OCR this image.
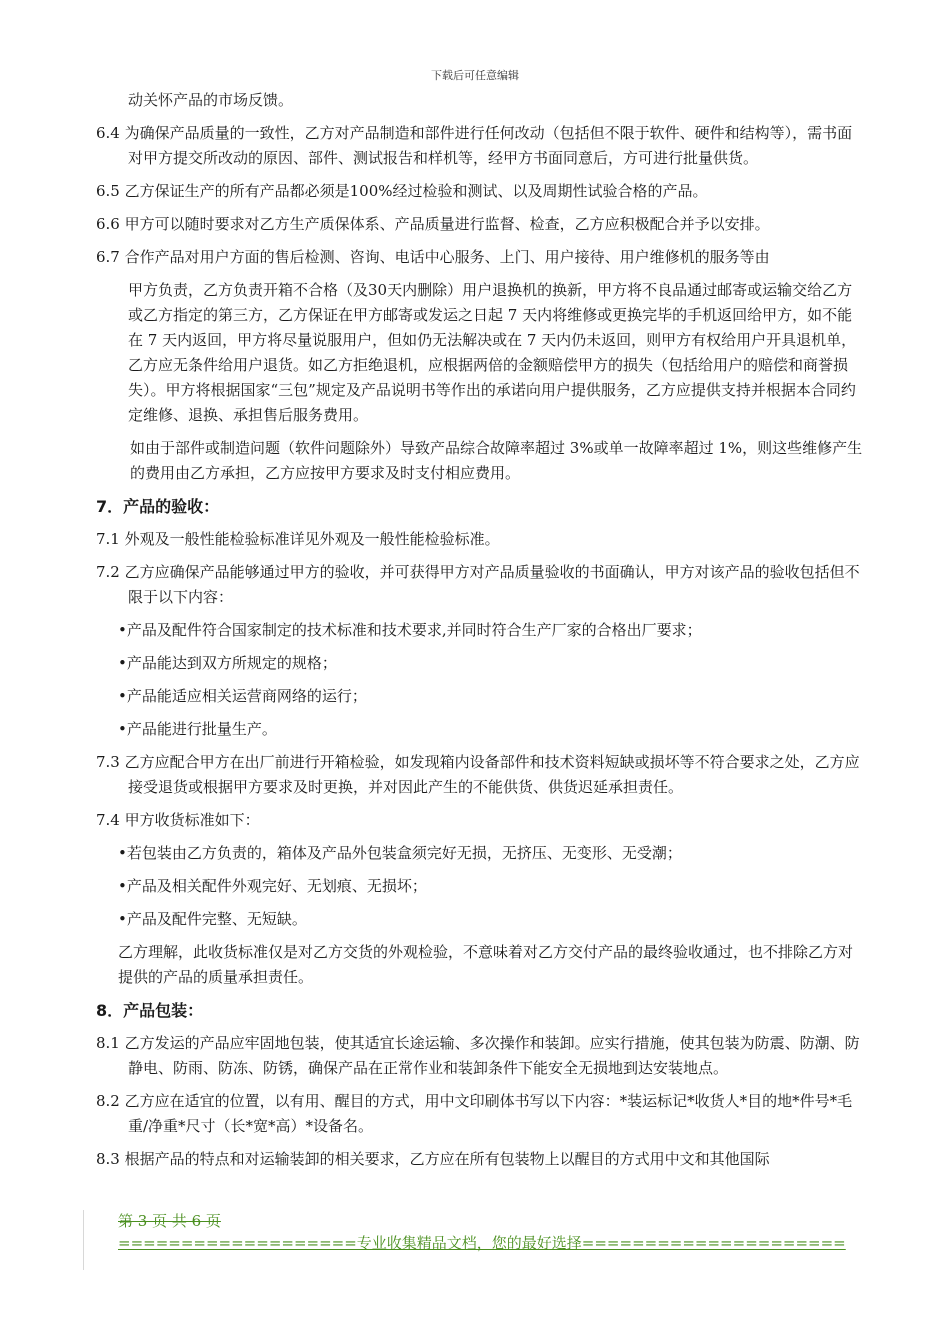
下载后可任意编辑
动关怀产品的市场反馈。
6.4 为确保产品质量的一致性，乙方对产品制造和部件进行任何改动（包括但不限于软件、硬件和结构等），需书面对甲方提交所改动的原因、部件、测试报告和样机等，经甲方书面同意后，方可进行批量供货。
6.5 乙方保证生产的所有产品都必须是100%经过检验和测试、以及周期性试验合格的产品。
6.6 甲方可以随时要求对乙方生产质保体系、产品质量进行监督、检查，乙方应积极配合并予以安排。
6.7 合作产品对用户方面的售后检测、咨询、电话中心服务、上门、用户接待、用户维修机的服务等由
甲方负责，乙方负责开箱不合格（及30天内删除）用户退换机的换新，甲方将不良品通过邮寄或运输交给乙方或乙方指定的第三方，乙方保证在甲方邮寄或发运之日起 7 天内将维修或更换完毕的手机返回给甲方，如不能在 7 天内返回，甲方将尽量说服用户，但如仍无法解决或在 7 天内仍未返回，则甲方有权给用户开具退机单，乙方应无条件给用户退货。如乙方拒绝退机，应根据两倍的金额赔偿甲方的损失（包括给用户的赔偿和商誉损失）。甲方将根据国家“三包”规定及产品说明书等作出的承诺向用户提供服务，乙方应提供支持并根据本合同约定维修、退换、承担售后服务费用。
如由于部件或制造问题（软件问题除外）导致产品综合故障率超过 3%或单一故障率超过 1%，则这些维修产生的费用由乙方承担，乙方应按甲方要求及时支付相应费用。
7．产品的验收：
7.1 外观及一般性能检验标准详见外观及一般性能检验标准。
7.2 乙方应确保产品能够通过甲方的验收，并可获得甲方对产品质量验收的书面确认，甲方对该产品的验收包括但不限于以下内容：
•产品及配件符合国家制定的技术标准和技术要求,并同时符合生产厂家的合格出厂要求；
•产品能达到双方所规定的规格；
•产品能适应相关运营商网络的运行；
•产品能进行批量生产。
7.3 乙方应配合甲方在出厂前进行开箱检验，如发现箱内设备部件和技术资料短缺或损坏等不符合要求之处，乙方应接受退货或根据甲方要求及时更换，并对因此产生的不能供货、供货迟延承担责任。
7.4 甲方收货标准如下：
•若包装由乙方负责的，箱体及产品外包装盒须完好无损，无挤压、无变形、无受潮；
•产品及相关配件外观完好、无划痕、无损坏；
•产品及配件完整、无短缺。
乙方理解，此收货标准仅是对乙方交货的外观检验，不意味着对乙方交付产品的最终验收通过，也不排除乙方对提供的产品的质量承担责任。
8．产品包装：
8.1 乙方发运的产品应牢固地包装，使其适宜长途运输、多次操作和装卸。应实行措施，使其包装为防震、防潮、防静电、防雨、防冻、防锈，确保产品在正常作业和装卸条件下能安全无损地到达安装地点。
8.2 乙方应在适宜的位置，以有用、醒目的方式，用中文印刷体书写以下内容：*装运标记*收货人*目的地*件号*毛重/净重*尺寸（长*宽*高）*设备名。
8.3 根据产品的特点和对运输装卸的相关要求，乙方应在所有包装物上以醒目的方式用中文和其他国际
第 3 页 共 6 页
===================专业收集精品文档，您的最好选择=====================
